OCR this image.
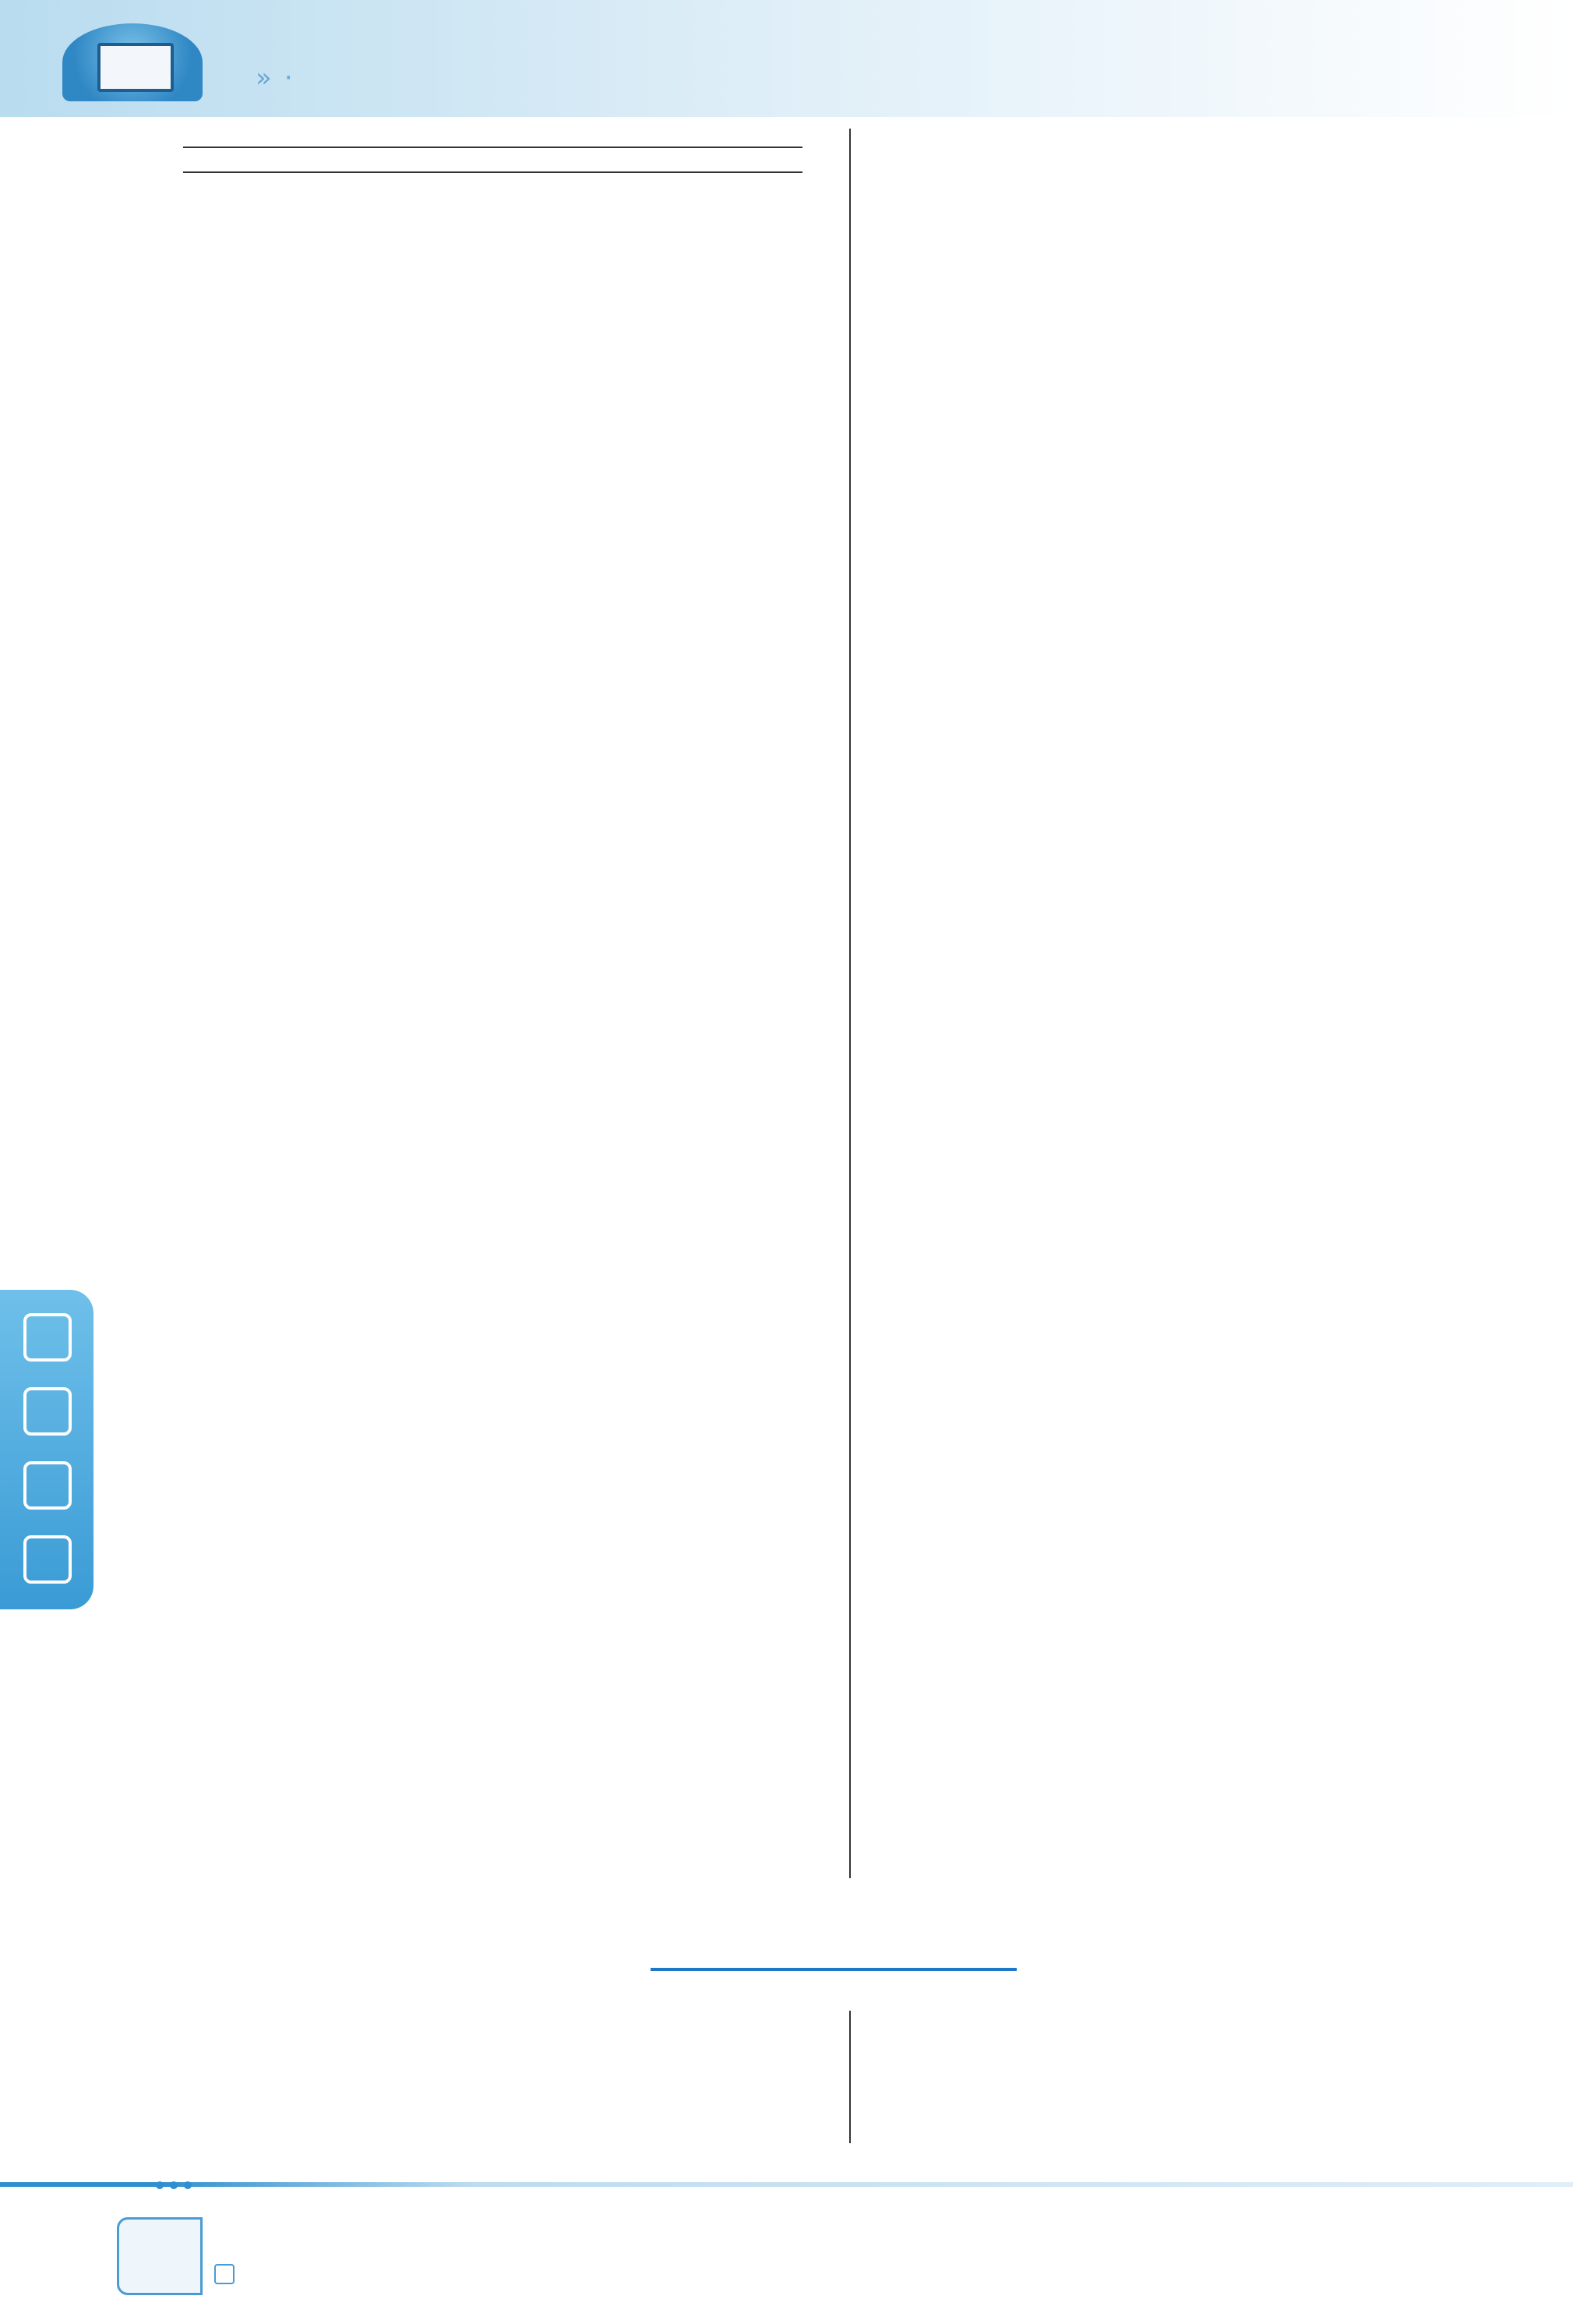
» ·
